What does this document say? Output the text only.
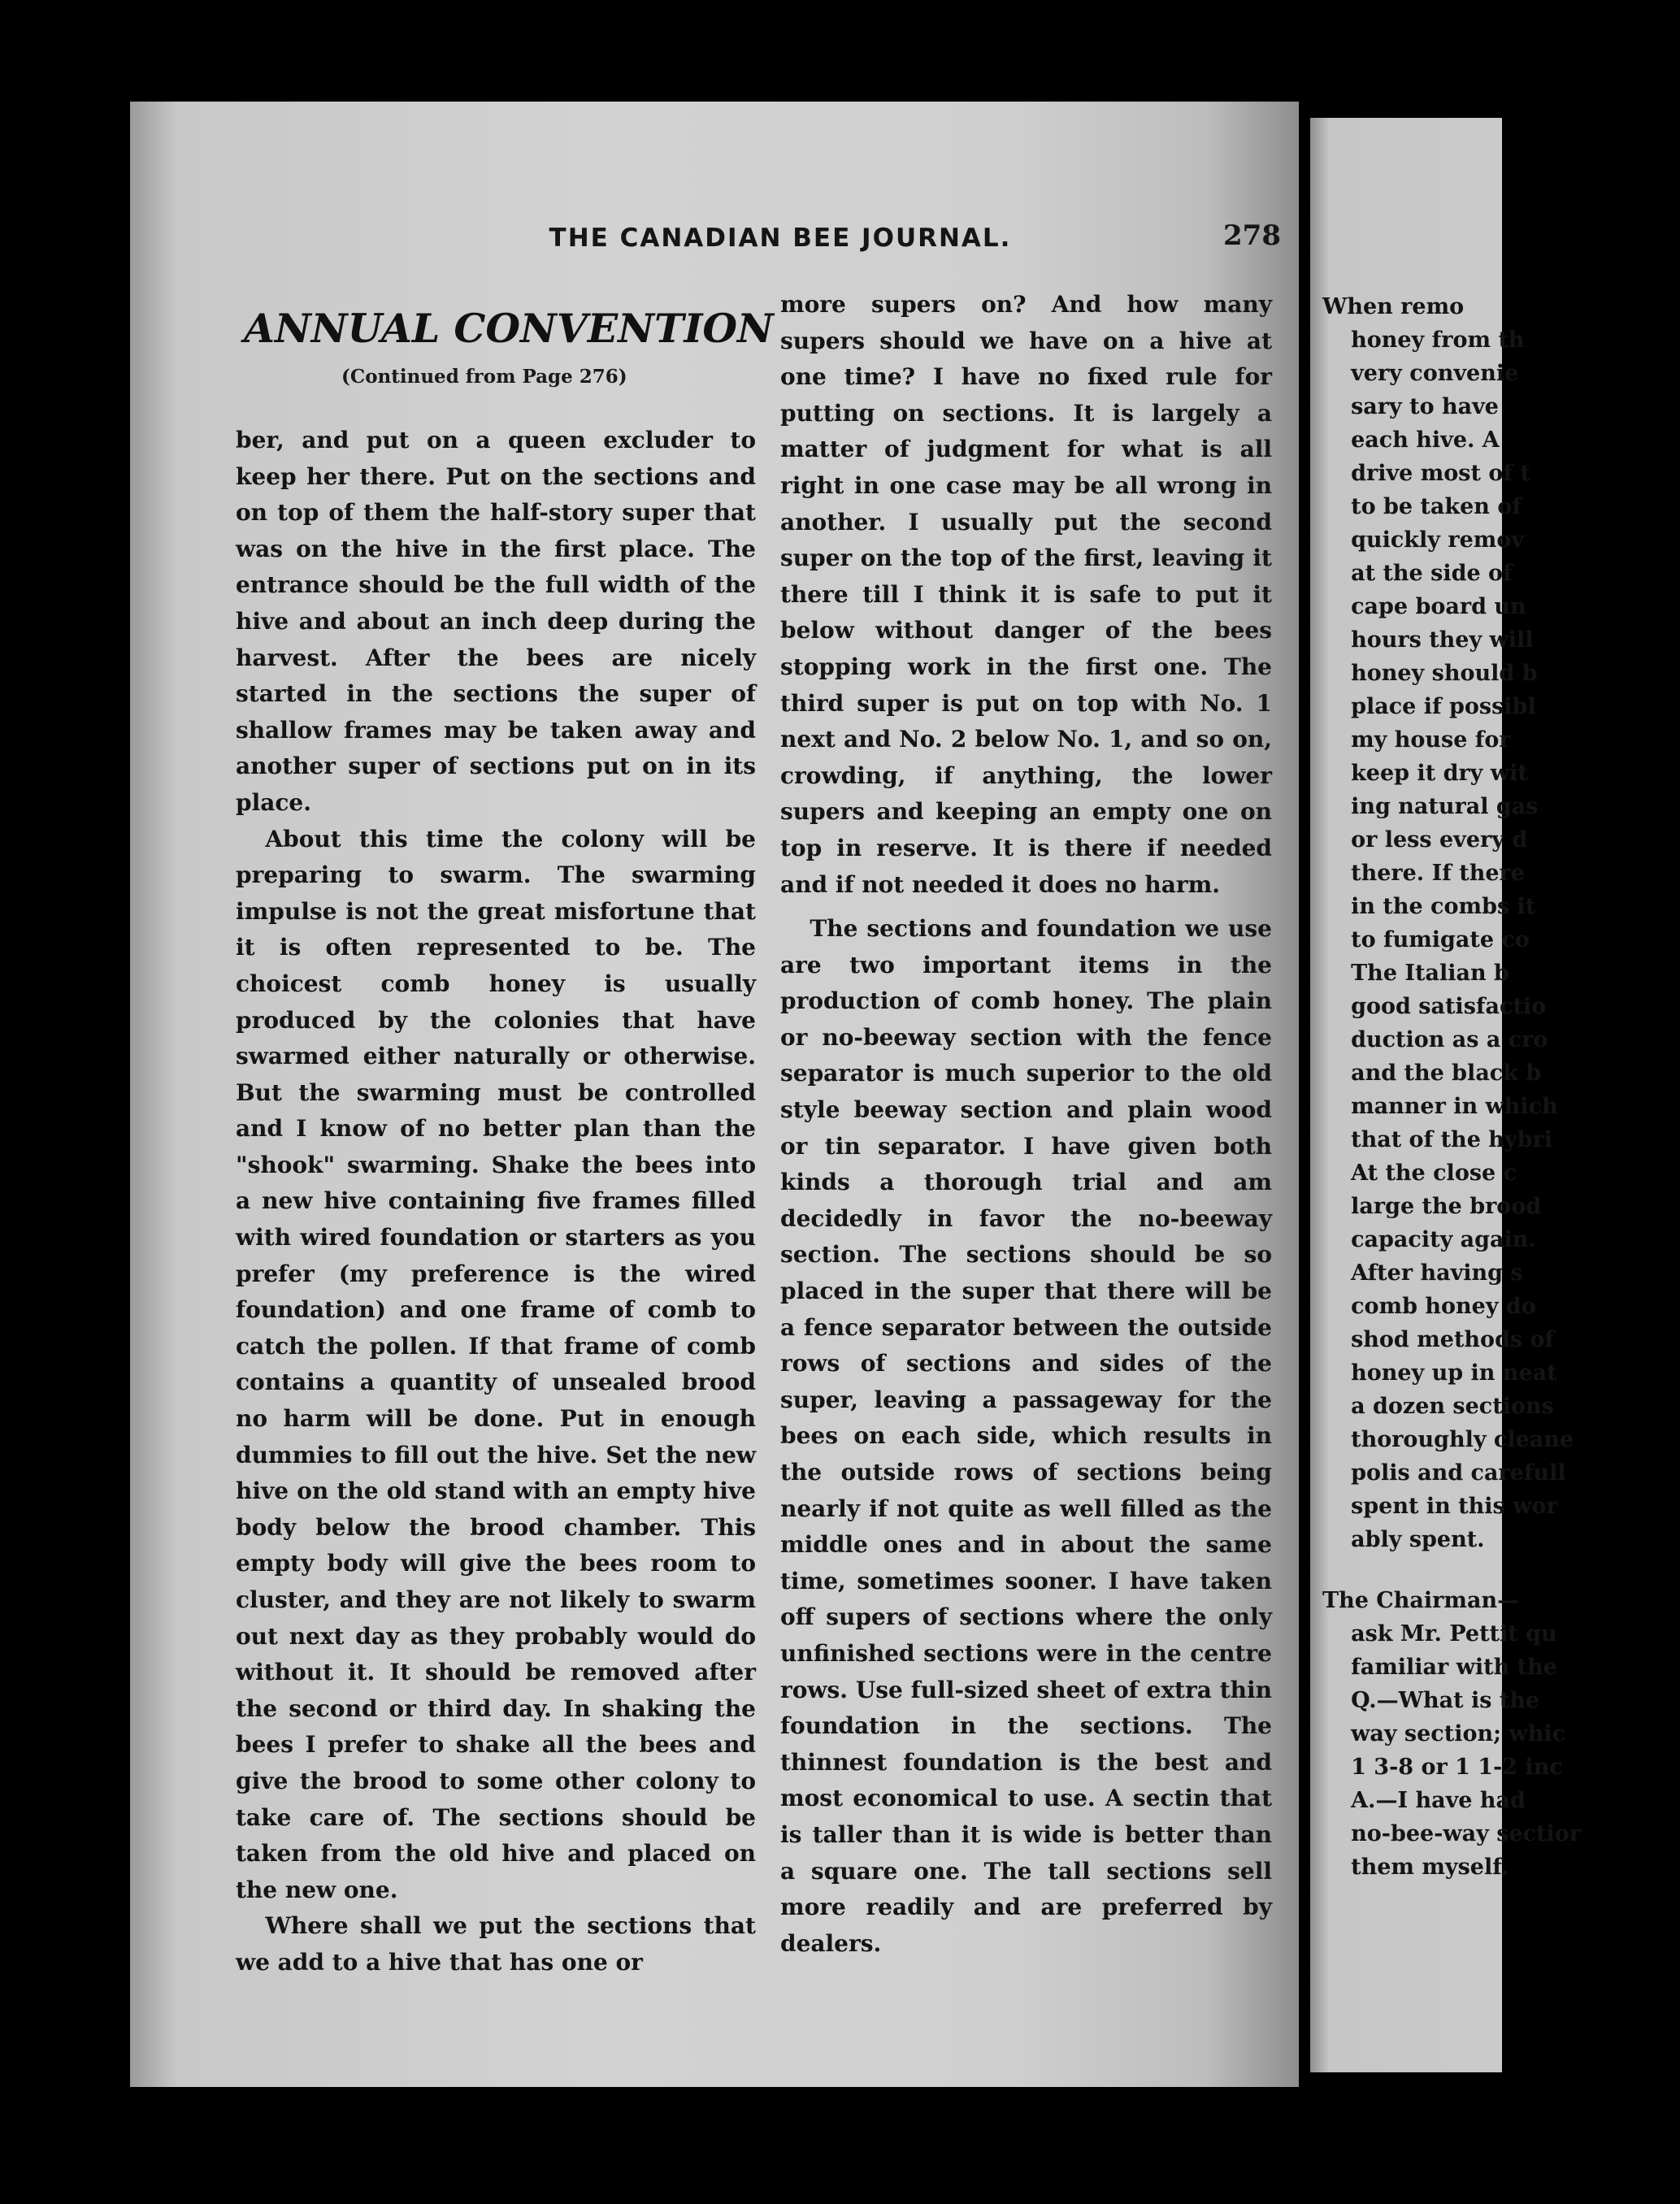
THE CANADIAN BEE JOURNAL.	278
ANNUAL CONVENTION
(Continued from Page 276)

ber, and put on a queen excluder to keep her there. Put on the sections and on top of them the half-story super that was on the hive in the first place. The entrance should be the full width of the hive and about an inch deep during the harvest. After the bees are nicely started in the sections the super of shallow frames may be taken away and another super of sections put on in its place.

About this time the colony will be preparing to swarm. The swarming impulse is not the great misfortune that it is often represented to be. The choicest comb honey is usually produced by the colonies that have swarmed either naturally or otherwise. But the swarming must be controlled and I know of no better plan than the "shook" swarming. Shake the bees into a new hive containing five frames filled with wired foundation or starters as you prefer (my preference is the wired foundation) and one frame of comb to catch the pollen. If that frame of comb contains a quantity of unsealed brood no harm will be done. Put in enough dummies to fill out the hive. Set the new hive on the old stand with an empty hive body below the brood chamber. This empty body will give the bees room to cluster, and they are not likely to swarm out next day as they probably would do without it. It should be removed after the second or third day. In shaking the bees I prefer to shake all the bees and give the brood to some other colony to take care of. The sections should be taken from the old hive and placed on the new one.

Where shall we put the sections that we add to a hive that has one or

more supers on? And how many supers should we have on a hive at one time? I have no fixed rule for putting on sections. It is largely a matter of judgment for what is all right in one case may be all wrong in another. I usually put the second super on the top of the first, leaving it there till I think it is safe to put it below without danger of the bees stopping work in the first one. The third super is put on top with No. 1 next and No. 2 below No. 1, and so on, crowding, if anything, the lower supers and keeping an empty one on top in reserve. It is there if needed and if not needed it does no harm.

The sections and foundation we use are two important items in the production of comb honey. The plain or no-beeway section with the fence separator is much superior to the old style beeway section and plain wood or tin separator. I have given both kinds a thorough trial and am decidedly in favor the no-beeway section. The sections should be so placed in the super that there will be a fence separator between the outside rows of sections and sides of the super, leaving a passageway for the bees on each side, which results in the outside rows of sections being nearly if not quite as well filled as the middle ones and in about the same time, sometimes sooner. I have taken off supers of sections where the only unfinished sections were in the centre rows. Use full-sized sheet of extra thin foundation in the sections. The thinnest foundation is the best and most economical to use. A sectin that is taller than it is wide is better than a square one. The tall sections sell more readily and are preferred by dealers.

When remo

honey from th

very convenie

sary to have

each hive. A

drive most of t

to be taken of

quickly remov

at the side of

cape board un

hours they will

honey should b

place if possibl

my house for

keep it dry wit

ing natural gas

or less every d

there. If there

in the combs it

to fumigate co

The Italian b

good satisfactio

duction as a cro

and the black b

manner in which

that of the hybri

At the close c

large the brood

capacity again.

After having s

comb honey do

shod methods of

honey up in neat

a dozen sections

thoroughly cleane

polis and carefull

spent in this wor

ably spent.

The Chairman—

ask Mr. Pettit qu

familiar with the

Q.—What is the

way section; whic

1 3-8 or 1 1-2 inc

A.—I have had

no-bee-way sectior

them myself.
